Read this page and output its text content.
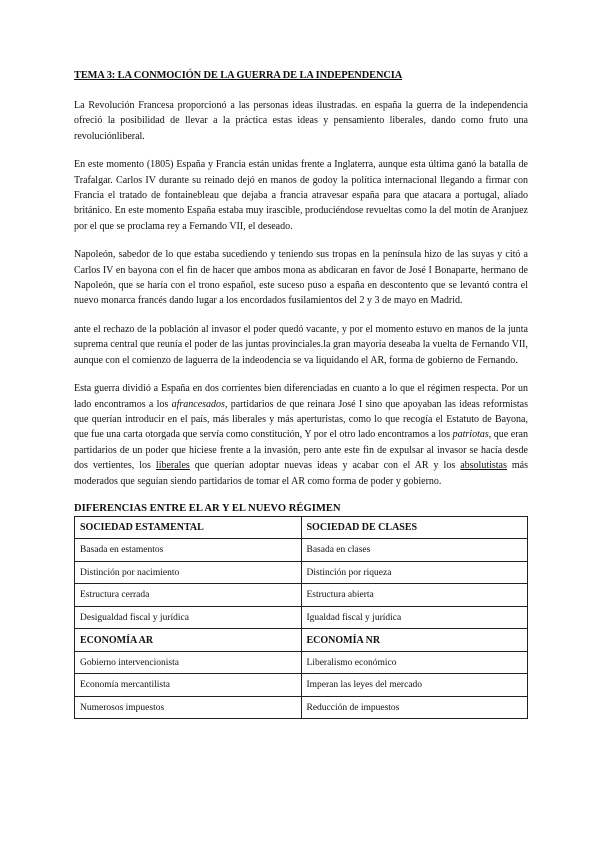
TEMA 3: LA CONMOCIÓN DE LA GUERRA DE LA INDEPENDENCIA

La Revolución Francesa proporcionó a las personas ideas ilustradas. en españa la guerra de la independencia ofreció la posibilidad de llevar a la práctica estas ideas y pensamiento liberales, dando como fruto una revoluciónliberal.

En este momento (1805) España y Francia están unidas frente a Inglaterra, aunque esta última ganó la batalla de Trafalgar. Carlos IV durante su reinado dejó en manos de godoy la política internacional llegando a firmar con Francia el tratado de fontainebleau que dejaba a francia atravesar españa para que atacara a portugal, aliado británico. En este momento España estaba muy irascible, produciéndose revueltas como la del motín de Aranjuez por el que se proclama rey a Fernando VII, el deseado.

Napoleón, sabedor de lo que estaba sucediendo y teniendo sus tropas en la península hizo de las suyas y citó a Carlos IV en bayona con el fin de hacer que ambos mona as abdicaran en favor de José I Bonaparte, hermano de Napoleón, que se haría con el trono español, este suceso puso a españa en descontento que se levantó contra el nuevo monarca francés dando lugar a los encordados fusilamientos del 2 y 3 de mayo en Madrid.

ante el rechazo de la población al invasor el poder quedó vacante, y por el momento estuvo en manos de la junta suprema central que reunía el poder de las juntas provinciales.la gran mayoría deseaba la vuelta de Fernando VII, aunque con el comienzo de laguerra de la indeodencia se va liquidando el AR, forma de gobierno de Fernando.

Esta guerra dividió a España en dos corrientes bien diferenciadas en cuanto a lo que el régimen respecta. Por un lado encontramos a los afrancesados, partidarios de que reinara José I sino que apoyaban las ideas reformistas que querían introducir en el país, más liberales y más aperturistas, como lo que recogía el Estatuto de Bayona, que fue una carta otorgada que servía como constitución, Y por el otro lado encontramos a los patriotas, que eran partidarios de un poder que hiciese frente a la invasión, pero ante este fin de expulsar al invasor se hacía desde dos vertientes, los liberales que querían adoptar nuevas ideas y acabar con el AR y los absolutistas más moderados que seguían siendo partidarios de tomar el AR como forma de poder y gobierno.

DIFERENCIAS ENTRE EL AR Y EL NUEVO RÉGIMEN
SOCIEDAD ESTAMENTAL	SOCIEDAD DE CLASES
Basada en estamentos	Basada en clases
Distinción por nacimiento	Distinción por riqueza
Estructura cerrada	Estructura abierta
Desigualdad fiscal y jurídica	Igualdad fiscal y jurídica
ECONOMÍA AR	ECONOMÍA NR
Gobierno intervencionista	Liberalismo económico
Economía mercantilista	Imperan las leyes del mercado
Numerosos impuestos	Reducción de impuestos
